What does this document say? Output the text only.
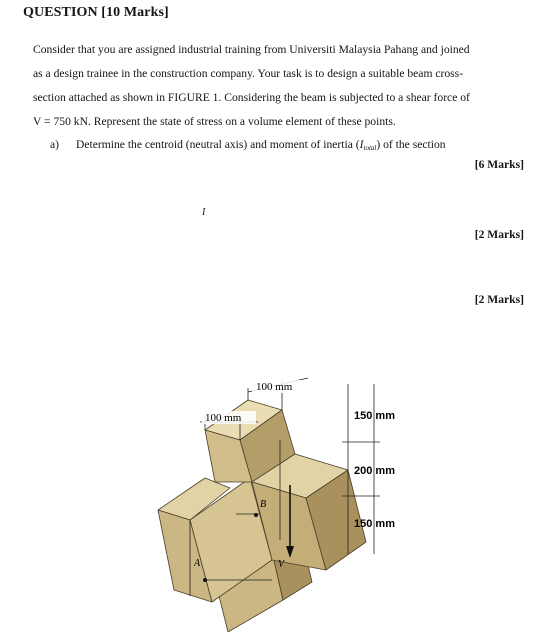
QUESTION [10 Marks]
Consider that you are assigned industrial training from Universiti Malaysia Pahang and joined
as a design trainee in the construction company. Your task is to design a suitable beam cross-
section attached as shown in FIGURE 1. Considering the beam is subjected to a shear force of
V = 750 kN. Represent the state of stress on a volume element of these points.
a) Determine the centroid (neutral axis) and moment of inertia $(I_{total})$ of the section
[6 Marks]
I
[2 Marks]
[2 Marks]
100 mm
100 mm	150 mm
200 mm
150 mm
B
A	V
